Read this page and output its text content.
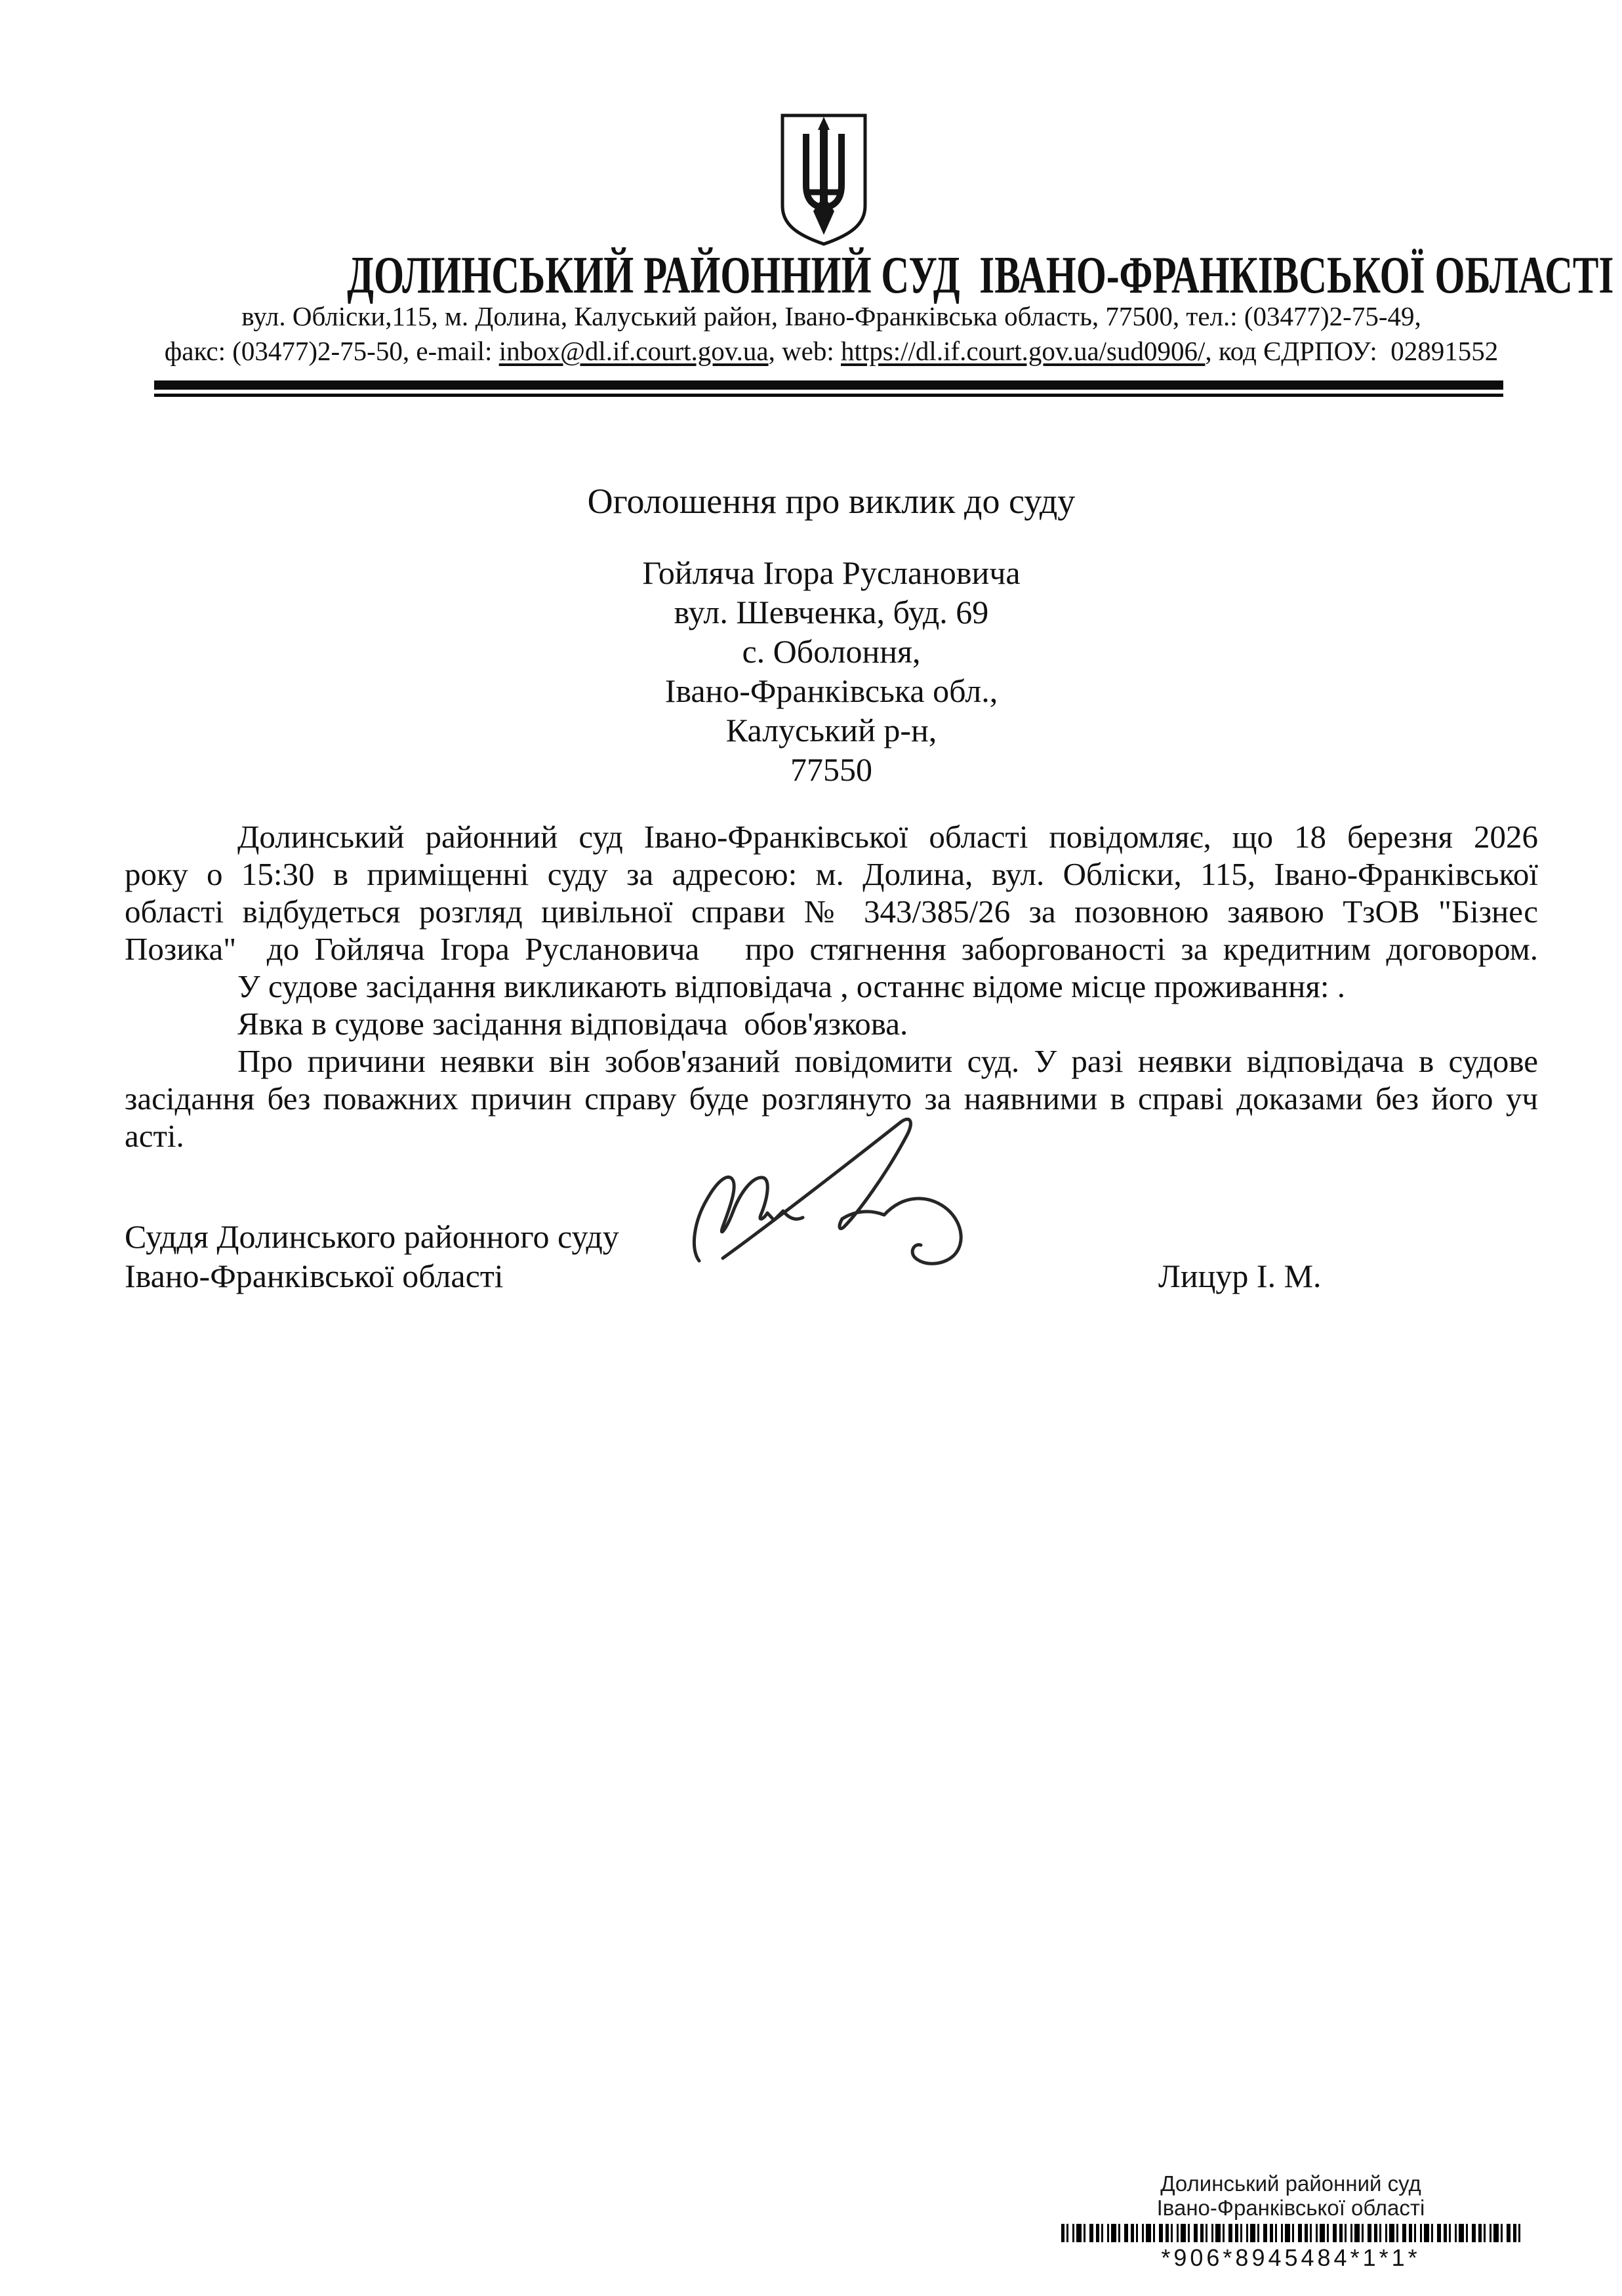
ДОЛИНСЬКИЙ РАЙОННИЙ СУД  ІВАНО-ФРАНКІВСЬКОЇ ОБЛАСТІ
вул. Обліски,115, м. Долина, Калуський район, Івано-Франківська область, 77500, тел.: (03477)2-75-49,
факс: (03477)2-75-50, e-mail: inbox@dl.if.court.gov.ua, web: https://dl.if.court.gov.ua/sud0906/, код ЄДРПОУ:  02891552
Оголошення про виклик до суду
Гойляча Ігора Руслановича
вул. Шевченка, буд. 69
с. Оболоння,
Івано-Франківська обл.,
Калуський р-н,
77550
Долинський районний суд Івано-Франківської області повідомляє, що 18 березня 2026
року о 15:30 в приміщенні суду за адресою: м. Долина, вул. Обліски, 115, Івано-Франківської
області відбудеться розгляд цивільної справи № 343/385/26 за позовною заявою ТзОВ "Бізнес
Позика"  до Гойляча Ігора Руслановича   про стягнення заборгованості за кредитним договором.
У судове засідання викликають відповідача , останнє відоме місце проживання: .
Явка в судове засідання відповідача  обов'язкова.
Про причини неявки він зобов'язаний повідомити суд. У разі неявки відповідача в судове
засідання без поважних причин справу буде розглянуто за наявними в справі доказами без його уч
асті.
Суддя Долинського районного суду
Івано-Франківської області	Лицур І. М.
Долинський районний суд
Івано-Франківської області
*906*8945484*1*1*
